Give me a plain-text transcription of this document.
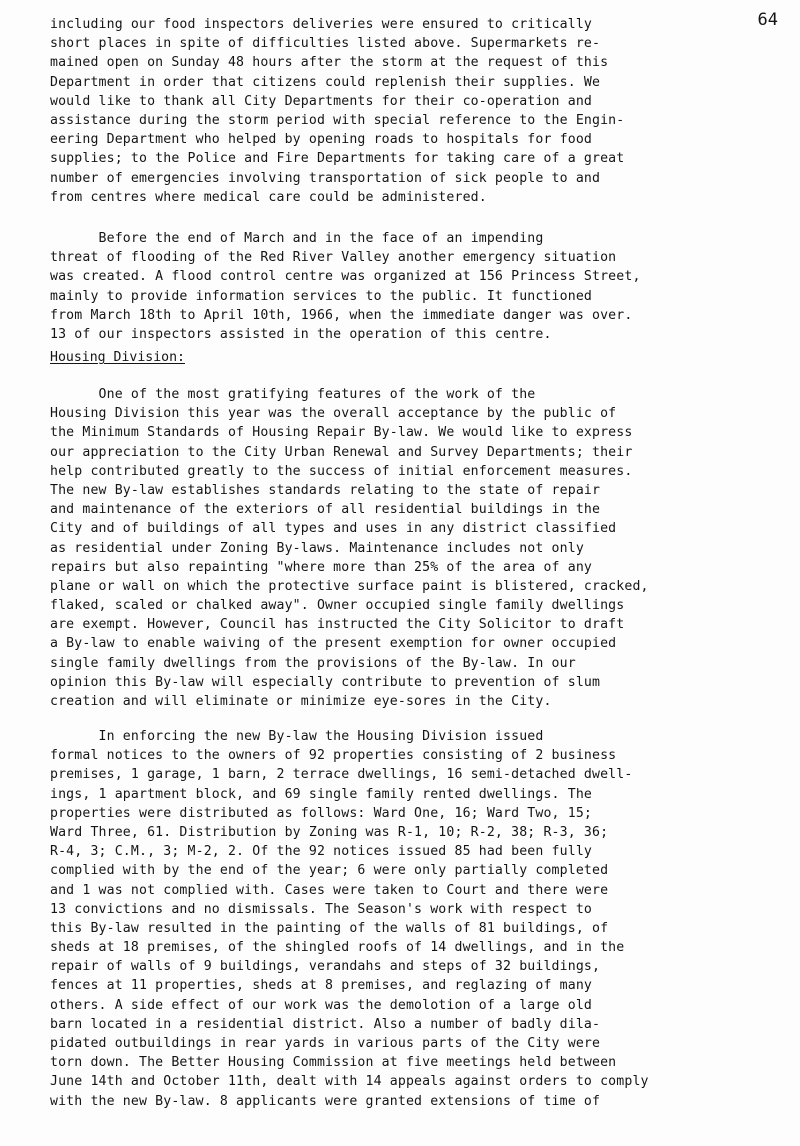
64
including our food inspectors deliveries were ensured to critically
short places in spite of difficulties listed above. Supermarkets re-
mained open on Sunday 48 hours after the storm at the request of this
Department in order that citizens could replenish their supplies. We
would like to thank all City Departments for their co-operation and
assistance during the storm period with special reference to the Engin-
eering Department who helped by opening roads to hospitals for food
supplies; to the Police and Fire Departments for taking care of a great
number of emergencies involving transportation of sick people to and
from centres where medical care could be administered.
Before the end of March and in the face of an impending
threat of flooding of the Red River Valley another emergency situation
was created. A flood control centre was organized at 156 Princess Street,
mainly to provide information services to the public. It functioned
from March 18th to April 10th, 1966, when the immediate danger was over.
13 of our inspectors assisted in the operation of this centre.
Housing Division:
One of the most gratifying features of the work of the
Housing Division this year was the overall acceptance by the public of
the Minimum Standards of Housing Repair By-law. We would like to express
our appreciation to the City Urban Renewal and Survey Departments; their
help contributed greatly to the success of initial enforcement measures.
The new By-law establishes standards relating to the state of repair
and maintenance of the exteriors of all residential buildings in the
City and of buildings of all types and uses in any district classified
as residential under Zoning By-laws. Maintenance includes not only
repairs but also repainting "where more than 25% of the area of any
plane or wall on which the protective surface paint is blistered, cracked,
flaked, scaled or chalked away". Owner occupied single family dwellings
are exempt. However, Council has instructed the City Solicitor to draft
a By-law to enable waiving of the present exemption for owner occupied
single family dwellings from the provisions of the By-law. In our
opinion this By-law will especially contribute to prevention of slum
creation and will eliminate or minimize eye-sores in the City.
In enforcing the new By-law the Housing Division issued
formal notices to the owners of 92 properties consisting of 2 business
premises, 1 garage, 1 barn, 2 terrace dwellings, 16 semi-detached dwell-
ings, 1 apartment block, and 69 single family rented dwellings. The
properties were distributed as follows: Ward One, 16; Ward Two, 15;
Ward Three, 61. Distribution by Zoning was R-1, 10; R-2, 38; R-3, 36;
R-4, 3; C.M., 3; M-2, 2. Of the 92 notices issued 85 had been fully
complied with by the end of the year; 6 were only partially completed
and 1 was not complied with. Cases were taken to Court and there were
13 convictions and no dismissals. The Season's work with respect to
this By-law resulted in the painting of the walls of 81 buildings, of
sheds at 18 premises, of the shingled roofs of 14 dwellings, and in the
repair of walls of 9 buildings, verandahs and steps of 32 buildings,
fences at 11 properties, sheds at 8 premises, and reglazing of many
others. A side effect of our work was the demolotion of a large old
barn located in a residential district. Also a number of badly dila-
pidated outbuildings in rear yards in various parts of the City were
torn down. The Better Housing Commission at five meetings held between
June 14th and October 11th, dealt with 14 appeals against orders to comply
with the new By-law. 8 applicants were granted extensions of time of
